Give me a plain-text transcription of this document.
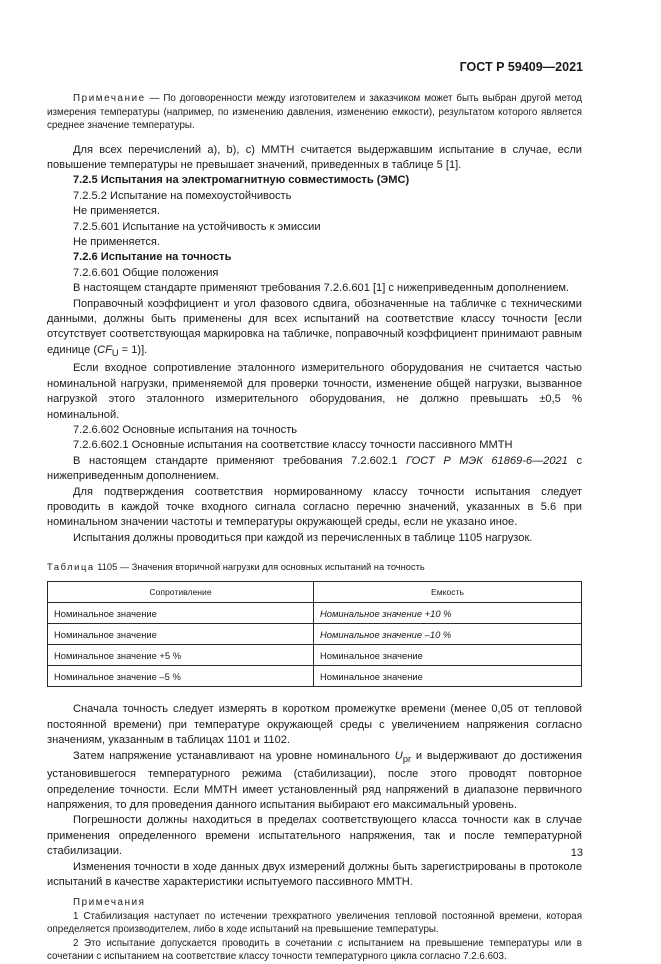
ГОСТ Р 59409—2021

Примечание — По договоренности между изготовителем и заказчиком может быть выбран другой метод измерения температуры (например, по изменению давления, изменению емкости), результатом которого является среднее значение температуры.

Для всех перечислений a), b), c) ММТН считается выдержавшим испытание в случае, если повышение температуры не превышает значений, приведенных в таблице 5 [1].

7.2.5 Испытания на электромагнитную совместимость (ЭМС)

7.2.5.2 Испытание на помехоустойчивость

Не применяется.

7.2.5.601 Испытание на устойчивость к эмиссии

Не применяется.

7.2.6 Испытание на точность

7.2.6.601 Общие положения

В настоящем стандарте применяют требования 7.2.6.601 [1] с нижеприведенным дополнением.

Поправочный коэффициент и угол фазового сдвига, обозначенные на табличке с техническими данными, должны быть применены для всех испытаний на соответствие классу точности [если отсутствует соответствующая маркировка на табличке, поправочный коэффициент принимают равным единице $(CF_U = 1)$].

Если входное сопротивление эталонного измерительного оборудования не считается частью номинальной нагрузки, применяемой для проверки точности, изменение общей нагрузки, вызванное нагрузкой этого эталонного измерительного оборудования, не должно превышать ±0,5 % номинальной.

7.2.6.602 Основные испытания на точность

7.2.6.602.1 Основные испытания на соответствие классу точности пассивного ММТН

В настоящем стандарте применяют требования 7.2.602.1 ГОСТ Р МЭК 61869-6—2021 с нижеприведенным дополнением.

Для подтверждения соответствия нормированному классу точности испытания следует проводить в каждой точке входного сигнала согласно перечню значений, указанных в 5.6 при номинальном значении частоты и температуры окружающей среды, если не указано иное.

Испытания должны проводиться при каждой из перечисленных в таблице 1105 нагрузок.

Таблица 1105 — Значения вторичной нагрузки для основных испытаний на точность

Сопротивление	Емкость
Номинальное значение	Номинальное значение +10 %
Номинальное значение	Номинальное значение –10 %
Номинальное значение +5 %	Номинальное значение
Номинальное значение –5 %	Номинальное значение

Сначала точность следует измерять в коротком промежутке времени (менее 0,05 от тепловой постоянной времени) при температуре окружающей среды с увеличением напряжения согласно значениям, указанным в таблицах 1101 и 1102.

Затем напряжение устанавливают на уровне номинального $U_{pr}$ и выдерживают до достижения установившегося температурного режима (стабилизации), после этого проводят повторное определение точности. Если ММТН имеет установленный ряд напряжений в диапазоне первичного напряжения, то для проведения данного испытания выбирают его максимальный уровень.

Погрешности должны находиться в пределах соответствующего класса точности как в случае применения определенного времени испытательного напряжения, так и после температурной стабилизации.

Изменения точности в ходе данных двух измерений должны быть зарегистрированы в протоколе испытаний в качестве характеристики испытуемого пассивного ММТН.

Примечания

1 Стабилизация наступает по истечении трехкратного увеличения тепловой постоянной времени, которая определяется производителем, либо в ходе испытаний на превышение температуры.

2 Это испытание допускается проводить в сочетании с испытанием на превышение температуры или в сочетании с испытанием на соответствие классу точности температурного цикла согласно 7.2.6.603.

13
